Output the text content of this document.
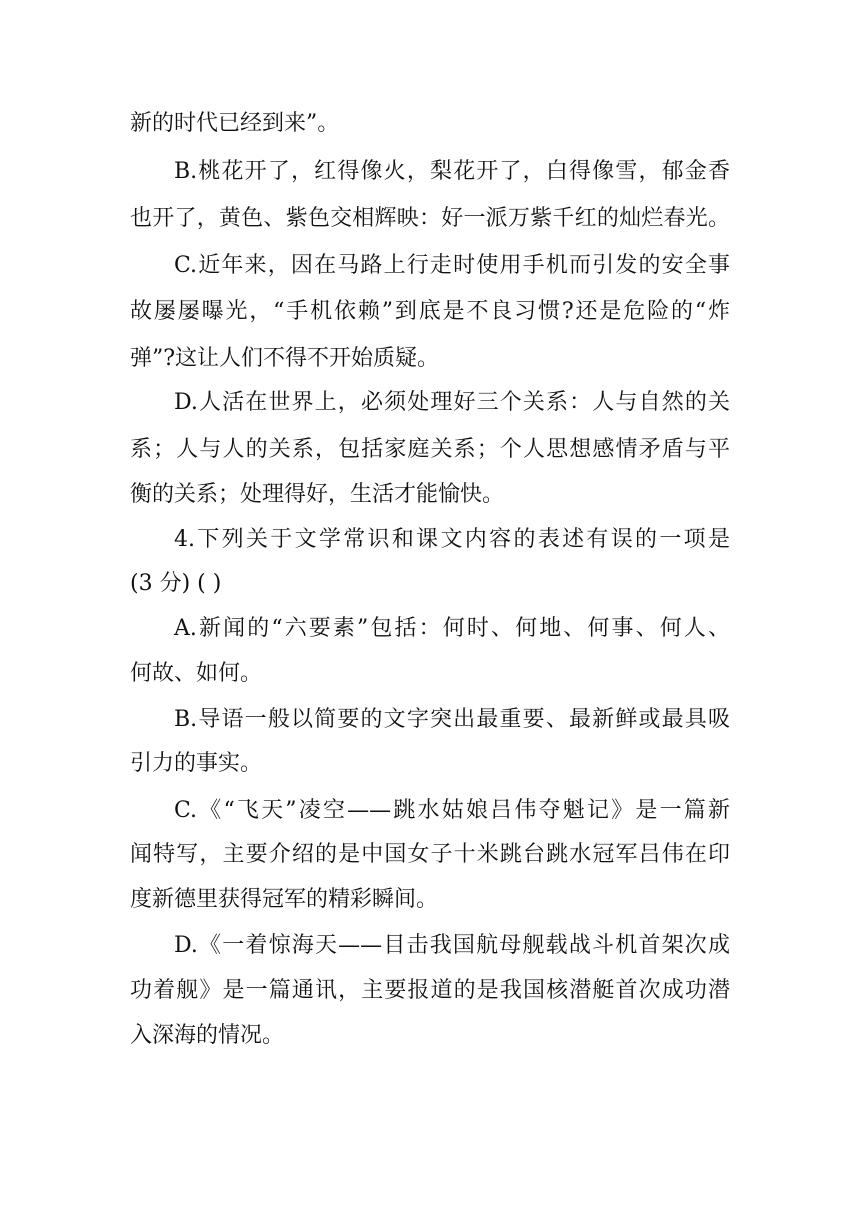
新的时代已经到来”。
B.桃花开了，红得像火，梨花开了，白得像雪，郁金香
也开了，黄色、紫色交相辉映：好一派万紫千红的灿烂春光。
C.近年来，因在马路上行走时使用手机而引发的安全事
故屡屡曝光，“手机依赖”到底是不良习惯?还是危险的“炸
弹”?这让人们不得不开始质疑。
D.人活在世界上，必须处理好三个关系：人与自然的关
系；人与人的关系，包括家庭关系；个人思想感情矛盾与平
衡的关系；处理得好，生活才能愉快。
4.下列关于文学常识和课文内容的表述有误的一项是
(3 分) ( )
A.新闻的“六要素”包括：何时、何地、何事、何人、
何故、如何。
B.导语一般以简要的文字突出最重要、最新鲜或最具吸
引力的事实。
C.《“飞天”凌空——跳水姑娘吕伟夺魁记》是一篇新
闻特写，主要介绍的是中国女子十米跳台跳水冠军吕伟在印
度新德里获得冠军的精彩瞬间。
D.《一着惊海天——目击我国航母舰载战斗机首架次成
功着舰》是一篇通讯，主要报道的是我国核潜艇首次成功潜
入深海的情况。
